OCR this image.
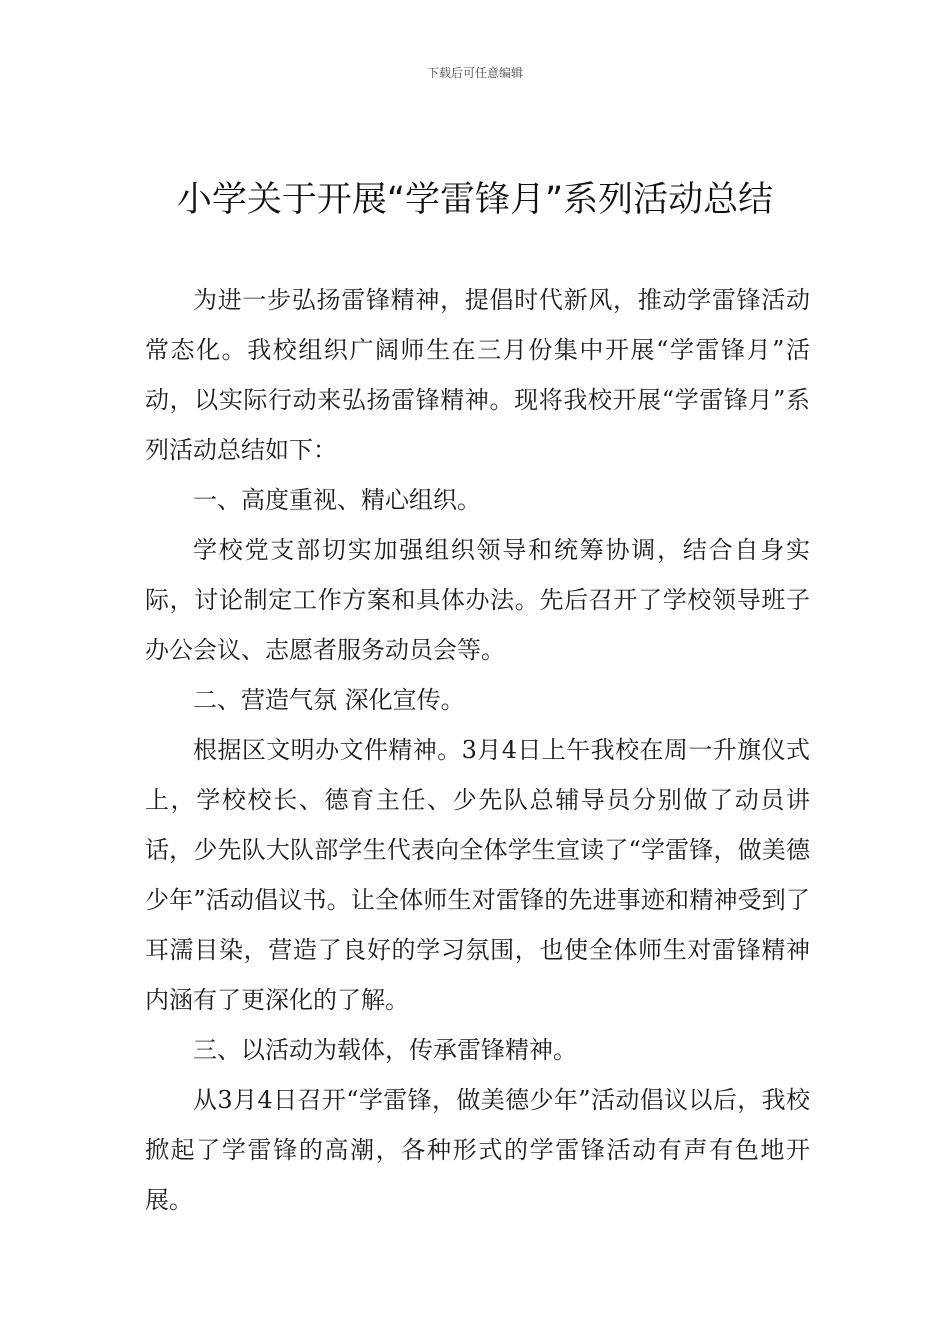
下载后可任意编辑
小学关于开展“学雷锋月”系列活动总结

为进一步弘扬雷锋精神，提倡时代新风，推动学雷锋活动常态化。我校组织广阔师生在三月份集中开展“学雷锋月”活动，以实际行动来弘扬雷锋精神。现将我校开展“学雷锋月”系列活动总结如下：

一、高度重视、精心组织。

学校党支部切实加强组织领导和统筹协调，结合自身实际，讨论制定工作方案和具体办法。先后召开了学校领导班子办公会议、志愿者服务动员会等。

二、营造气氛 深化宣传。

根据区文明办文件精神。3月4日上午我校在周一升旗仪式上，学校校长、德育主任、少先队总辅导员分别做了动员讲话，少先队大队部学生代表向全体学生宣读了“学雷锋，做美德少年”活动倡议书。让全体师生对雷锋的先进事迹和精神受到了耳濡目染，营造了良好的学习氛围，也使全体师生对雷锋精神内涵有了更深化的了解。

三、以活动为载体，传承雷锋精神。

从3月4日召开“学雷锋，做美德少年”活动倡议以后，我校掀起了学雷锋的高潮，各种形式的学雷锋活动有声有色地开展。
